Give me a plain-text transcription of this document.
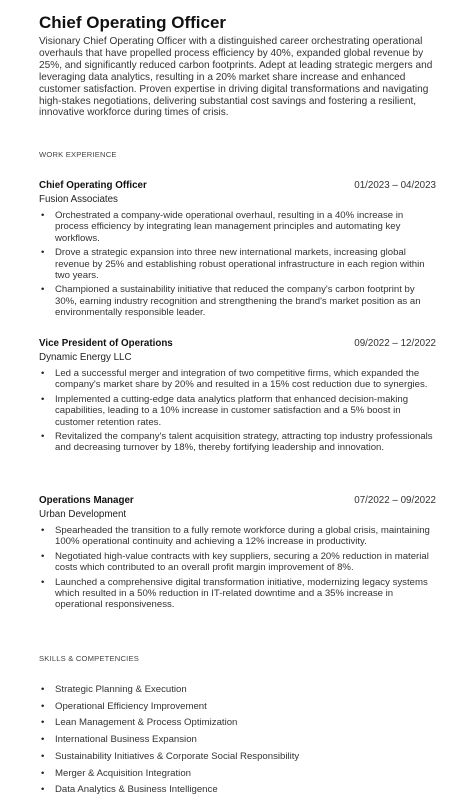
Chief Operating Officer

Visionary Chief Operating Officer with a distinguished career orchestrating operational overhauls that have propelled process efficiency by 40%, expanded global revenue by 25%, and significantly reduced carbon footprints. Adept at leading strategic mergers and leveraging data analytics, resulting in a 20% market share increase and enhanced customer satisfaction. Proven expertise in driving digital transformations and navigating high-stakes negotiations, delivering substantial cost savings and fostering a resilient, innovative workforce during times of crisis.

WORK EXPERIENCE
Chief Operating Officer	01/2023 – 04/2023
Fusion Associates
• Orchestrated a company-wide operational overhaul, resulting in a 40% increase in process efficiency by integrating lean management principles and automating key workflows.
• Drove a strategic expansion into three new international markets, increasing global revenue by 25% and establishing robust operational infrastructure in each region within two years.
• Championed a sustainability initiative that reduced the company's carbon footprint by 30%, earning industry recognition and strengthening the brand's market position as an environmentally responsible leader.
Vice President of Operations	09/2022 – 12/2022
Dynamic Energy LLC
• Led a successful merger and integration of two competitive firms, which expanded the company's market share by 20% and resulted in a 15% cost reduction due to synergies.
• Implemented a cutting-edge data analytics platform that enhanced decision-making capabilities, leading to a 10% increase in customer satisfaction and a 5% boost in customer retention rates.
• Revitalized the company's talent acquisition strategy, attracting top industry professionals and decreasing turnover by 18%, thereby fortifying leadership and innovation.
Operations Manager	07/2022 – 09/2022
Urban Development
• Spearheaded the transition to a fully remote workforce during a global crisis, maintaining 100% operational continuity and achieving a 12% increase in productivity.
• Negotiated high-value contracts with key suppliers, securing a 20% reduction in material costs which contributed to an overall profit margin improvement of 8%.
• Launched a comprehensive digital transformation initiative, modernizing legacy systems which resulted in a 50% reduction in IT-related downtime and a 35% increase in operational responsiveness.
SKILLS & COMPETENCIES
• Strategic Planning & Execution
• Operational Efficiency Improvement
• Lean Management & Process Optimization
• International Business Expansion
• Sustainability Initiatives & Corporate Social Responsibility
• Merger & Acquisition Integration
• Data Analytics & Business Intelligence
